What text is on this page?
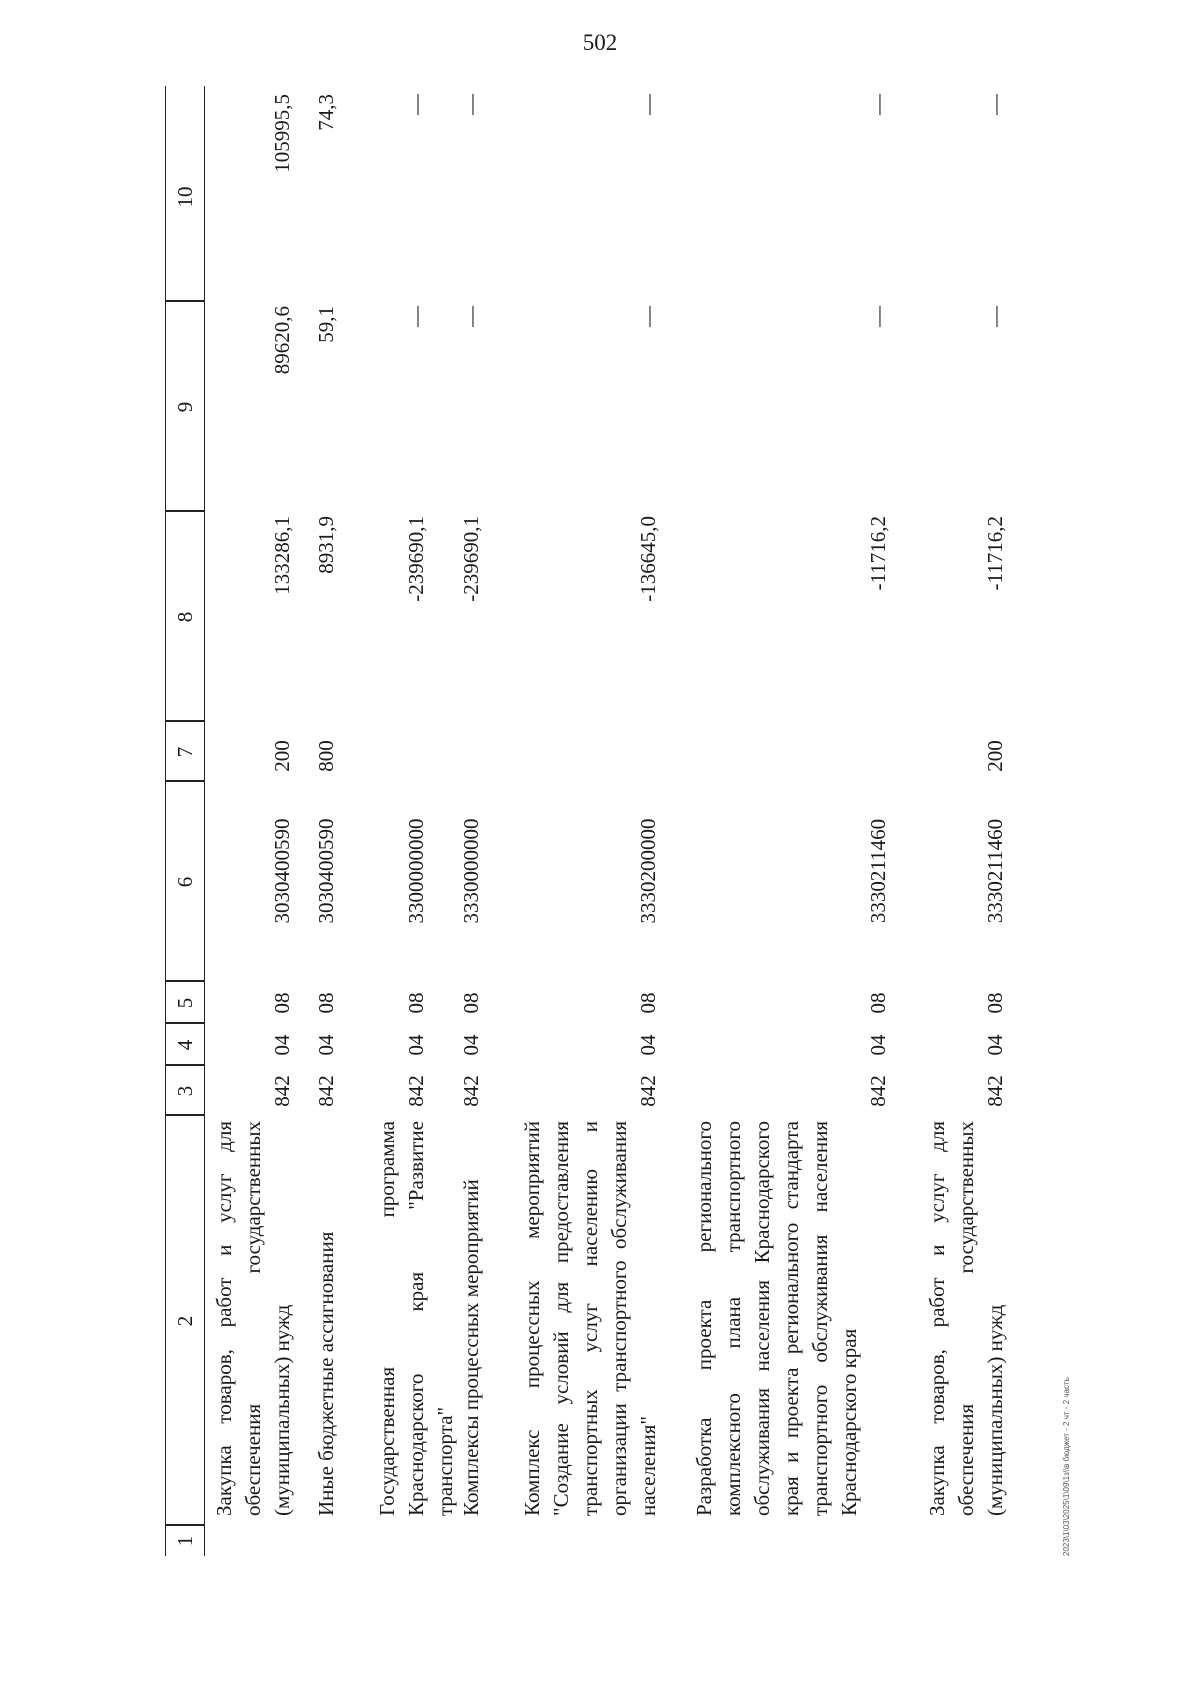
502
1
2
3
4
5
6
7
8
9
10
Закупка товаров, работ и услуг для обеспечения государственных (муниципальных) нужд
842
04
08
3030400590
200
133286,1
89620,6
105995,5
Иные бюджетные ассигнования
842
04
08
3030400590
800
8931,9
59,1
74,3
Государственная программа Краснодарского края "Развитие транспорта"
842
04
08
3300000000
-239690,1
—
—
Комплексы процессных мероприятий
842
04
08
3330000000
-239690,1
—
—
Комплекс процессных мероприятий "Создание условий для предоставления транспортных услуг населению и организации транспортного обслуживания населения"
842
04
08
3330200000
-136645,0
—
—
Разработка проекта регионального комплексного плана транспортного обслуживания населения Краснодарского края и проекта регионального стандарта транспортного обслуживания населения Краснодарского края
842
04
08
3330211460
-11716,2
—
—
Закупка товаров, работ и услуг для обеспечения государственных (муниципальных) нужд
842
04
08
3330211460
200
-11716,2
—
—
2023\1\03\2025\1\09\1з\\в бюджет - 2 чт - 2 часть
